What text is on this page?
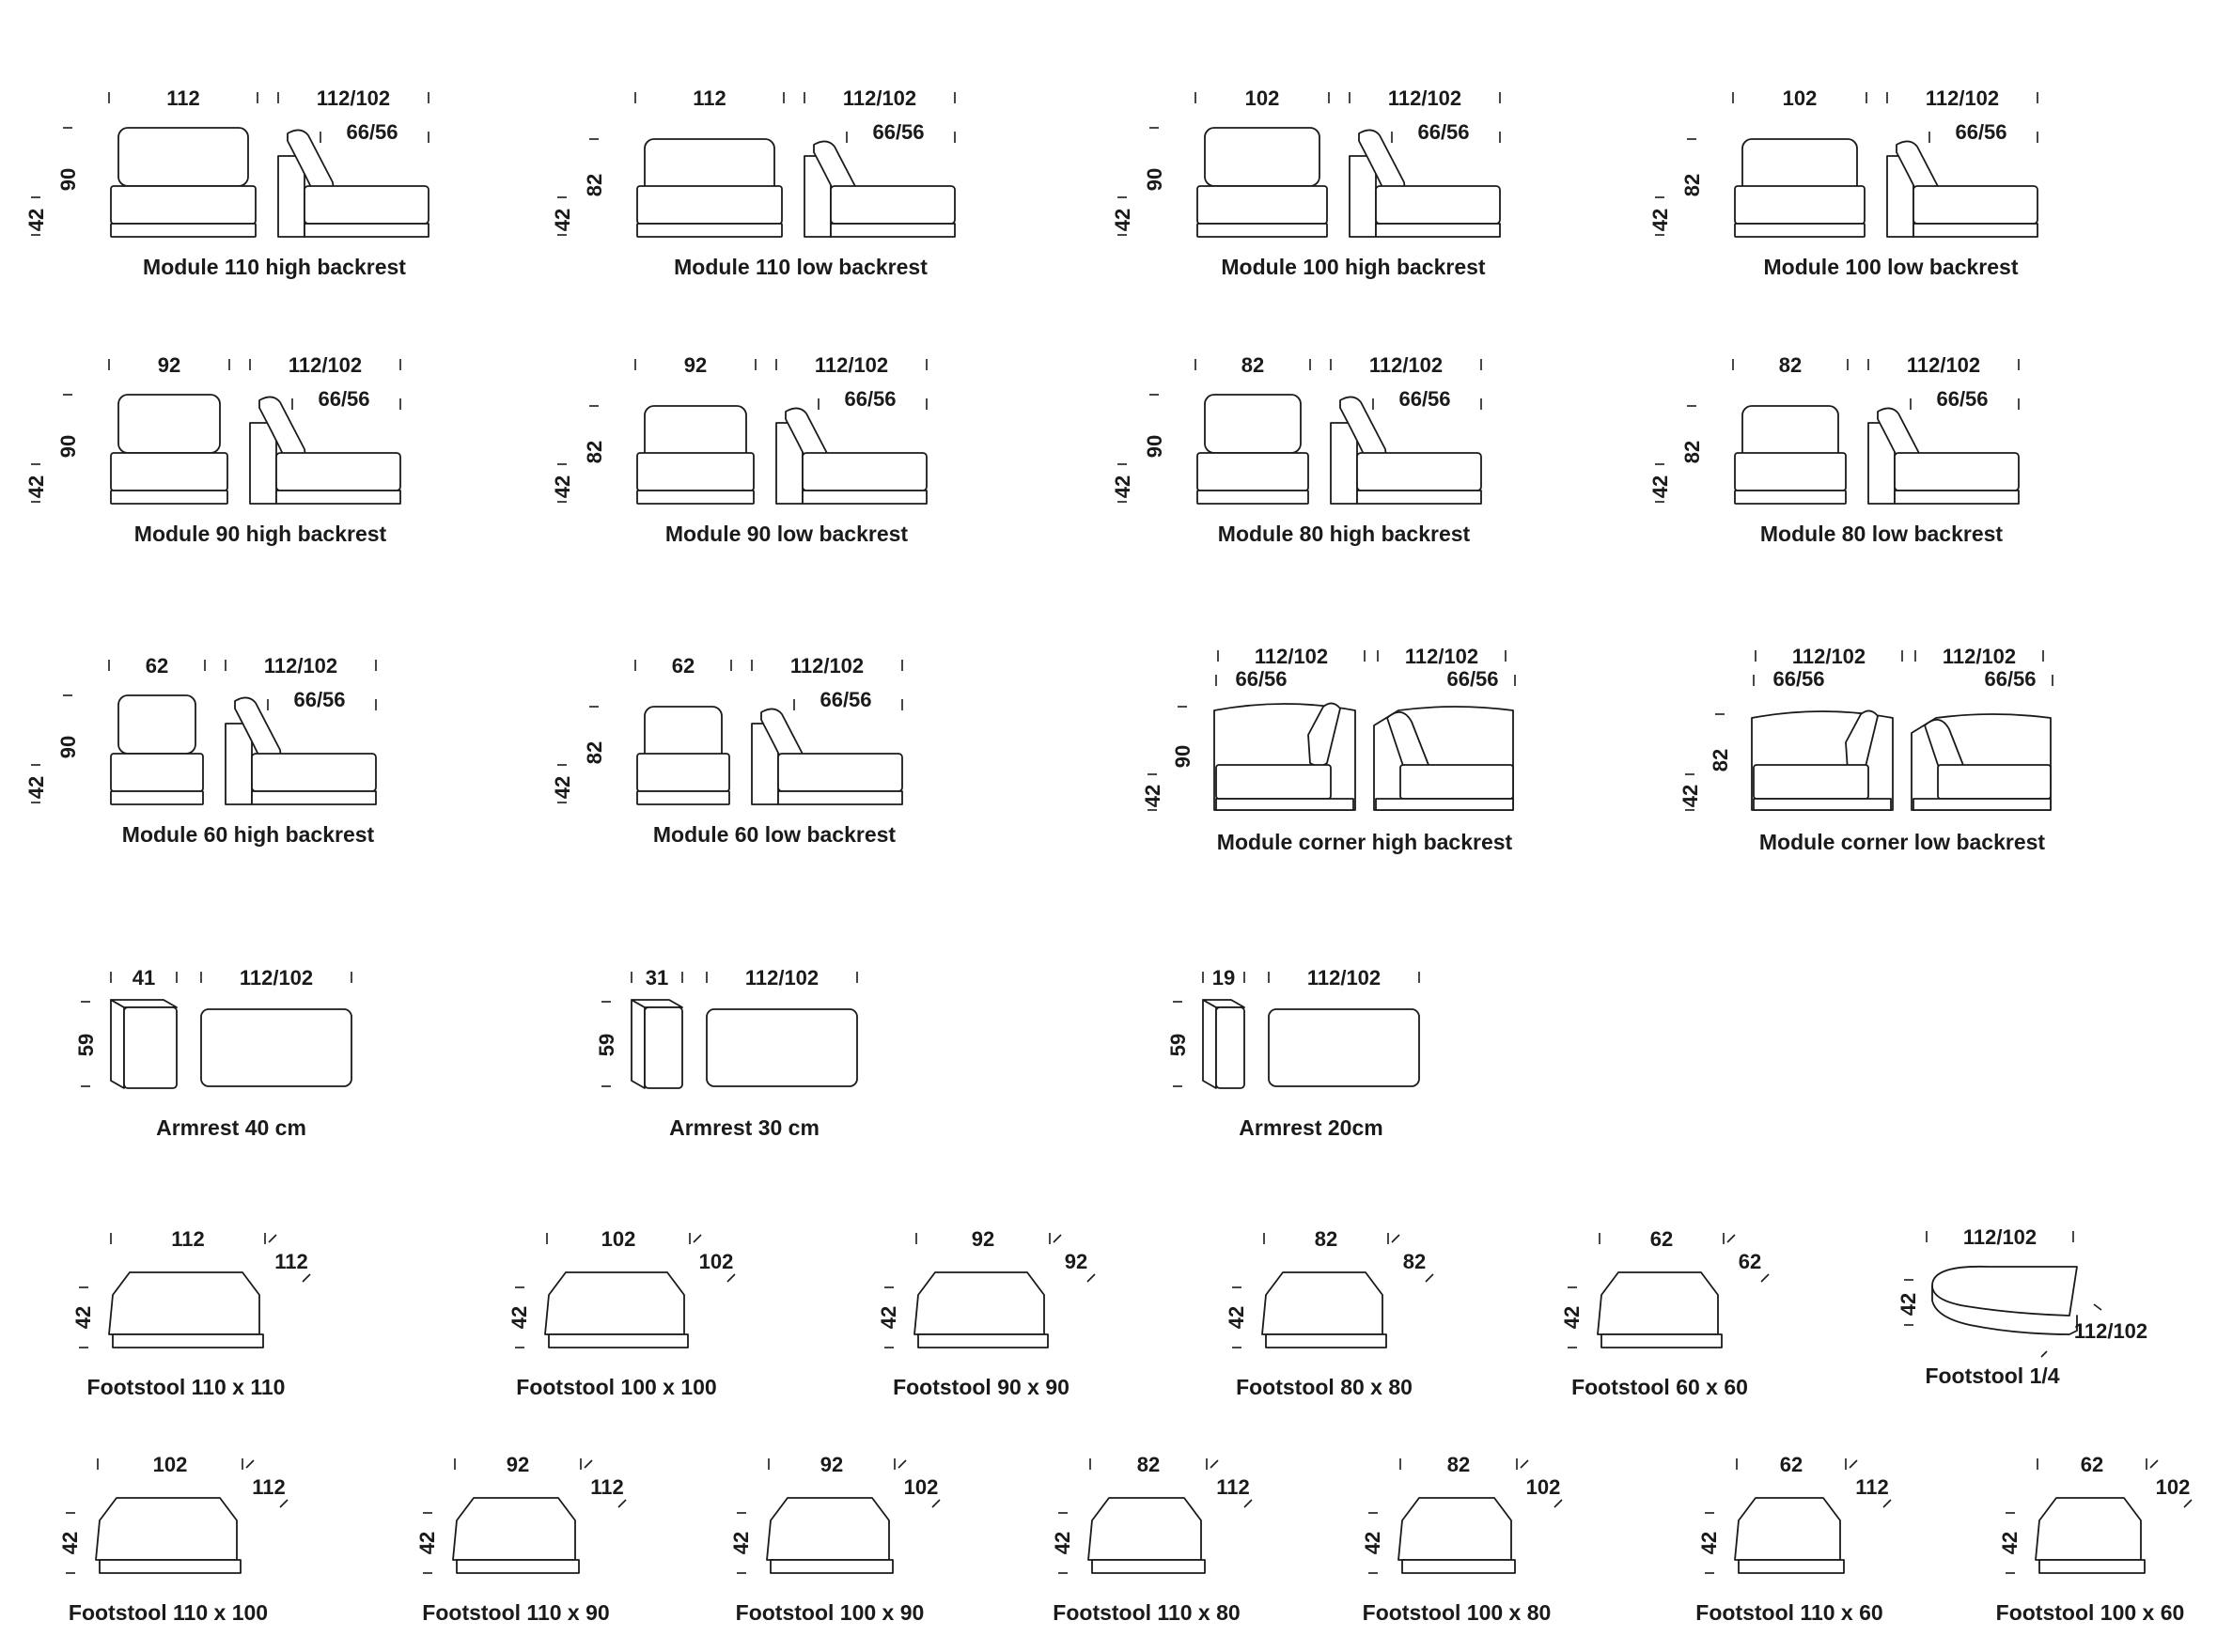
112	112/102
66/56
90
42
Module 110 high backrest
112	112/102
66/56
82
42
Module 110 low backrest
102	112/102
66/56
90
42
Module 100 high backrest
102	112/102
66/56
82
42
Module 100 low backrest
92	112/102
66/56
90
42
Module 90 high backrest
92	112/102
66/56
82
42
Module 90 low backrest
82	112/102
66/56
90
42
Module 80 high backrest
82	112/102
66/56
82
42
Module 80 low backrest
62	112/102
66/56
90
42
Module 60 high backrest
62	112/102
66/56
82
42
Module 60 low backrest
112/102	112/102
66/56	66/56
90
42
Module corner high backrest
112/102	112/102
66/56	66/56
82
42
Module corner low backrest
41	112/102
59
Armrest 40 cm
31	112/102
59
Armrest 30 cm
19	112/102
59
Armrest 20cm
112
112
42
Footstool 110 x 110
102
102
42
Footstool 100 x 100
92
92
42
Footstool 90 x 90
82
82
42
Footstool 80 x 80
62
62
42
Footstool 60 x 60
112/102
112/102
42
Footstool 1/4
102
112
42
Footstool 110 x 100
92
112
42
Footstool 110 x 90
92
102
42
Footstool 100 x 90
82
112
42
Footstool 110 x 80
82
102
42
Footstool 100 x 80
62
112
42
Footstool 110 x 60
62
102
42
Footstool 100 x 60
